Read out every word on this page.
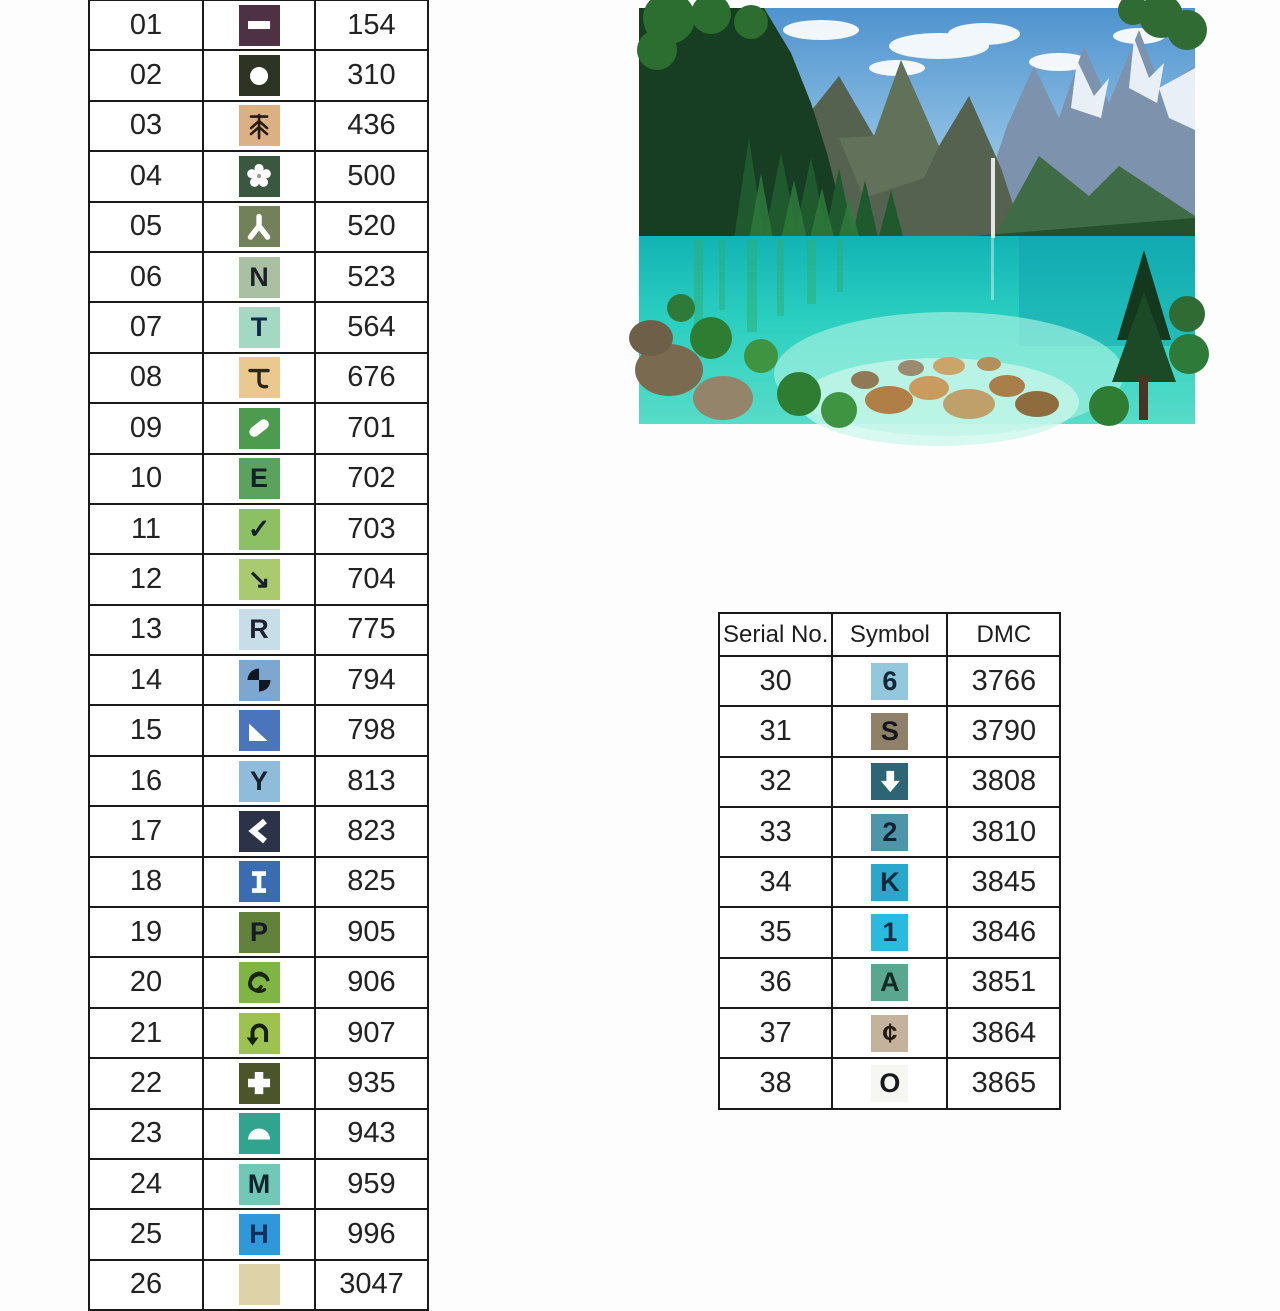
01		154
02		310
03		436
04		500
05		520
06	N	523
07	T	564
08		676
09		701
10	E	702
11	✓	703
12	↘	704
13	R	775
14		794
15		798
16	Y	813
17		823
18		825
19	P	905
20		906
21		907
22		935
23		943
24	M	959
25	H	996
26		3047
Serial No.	Symbol	DMC
30	6	3766
31	S	3790
32		3808
33	2	3810
34	K	3845
35	1	3846
36	A	3851
37	¢	3864
38	O	3865
